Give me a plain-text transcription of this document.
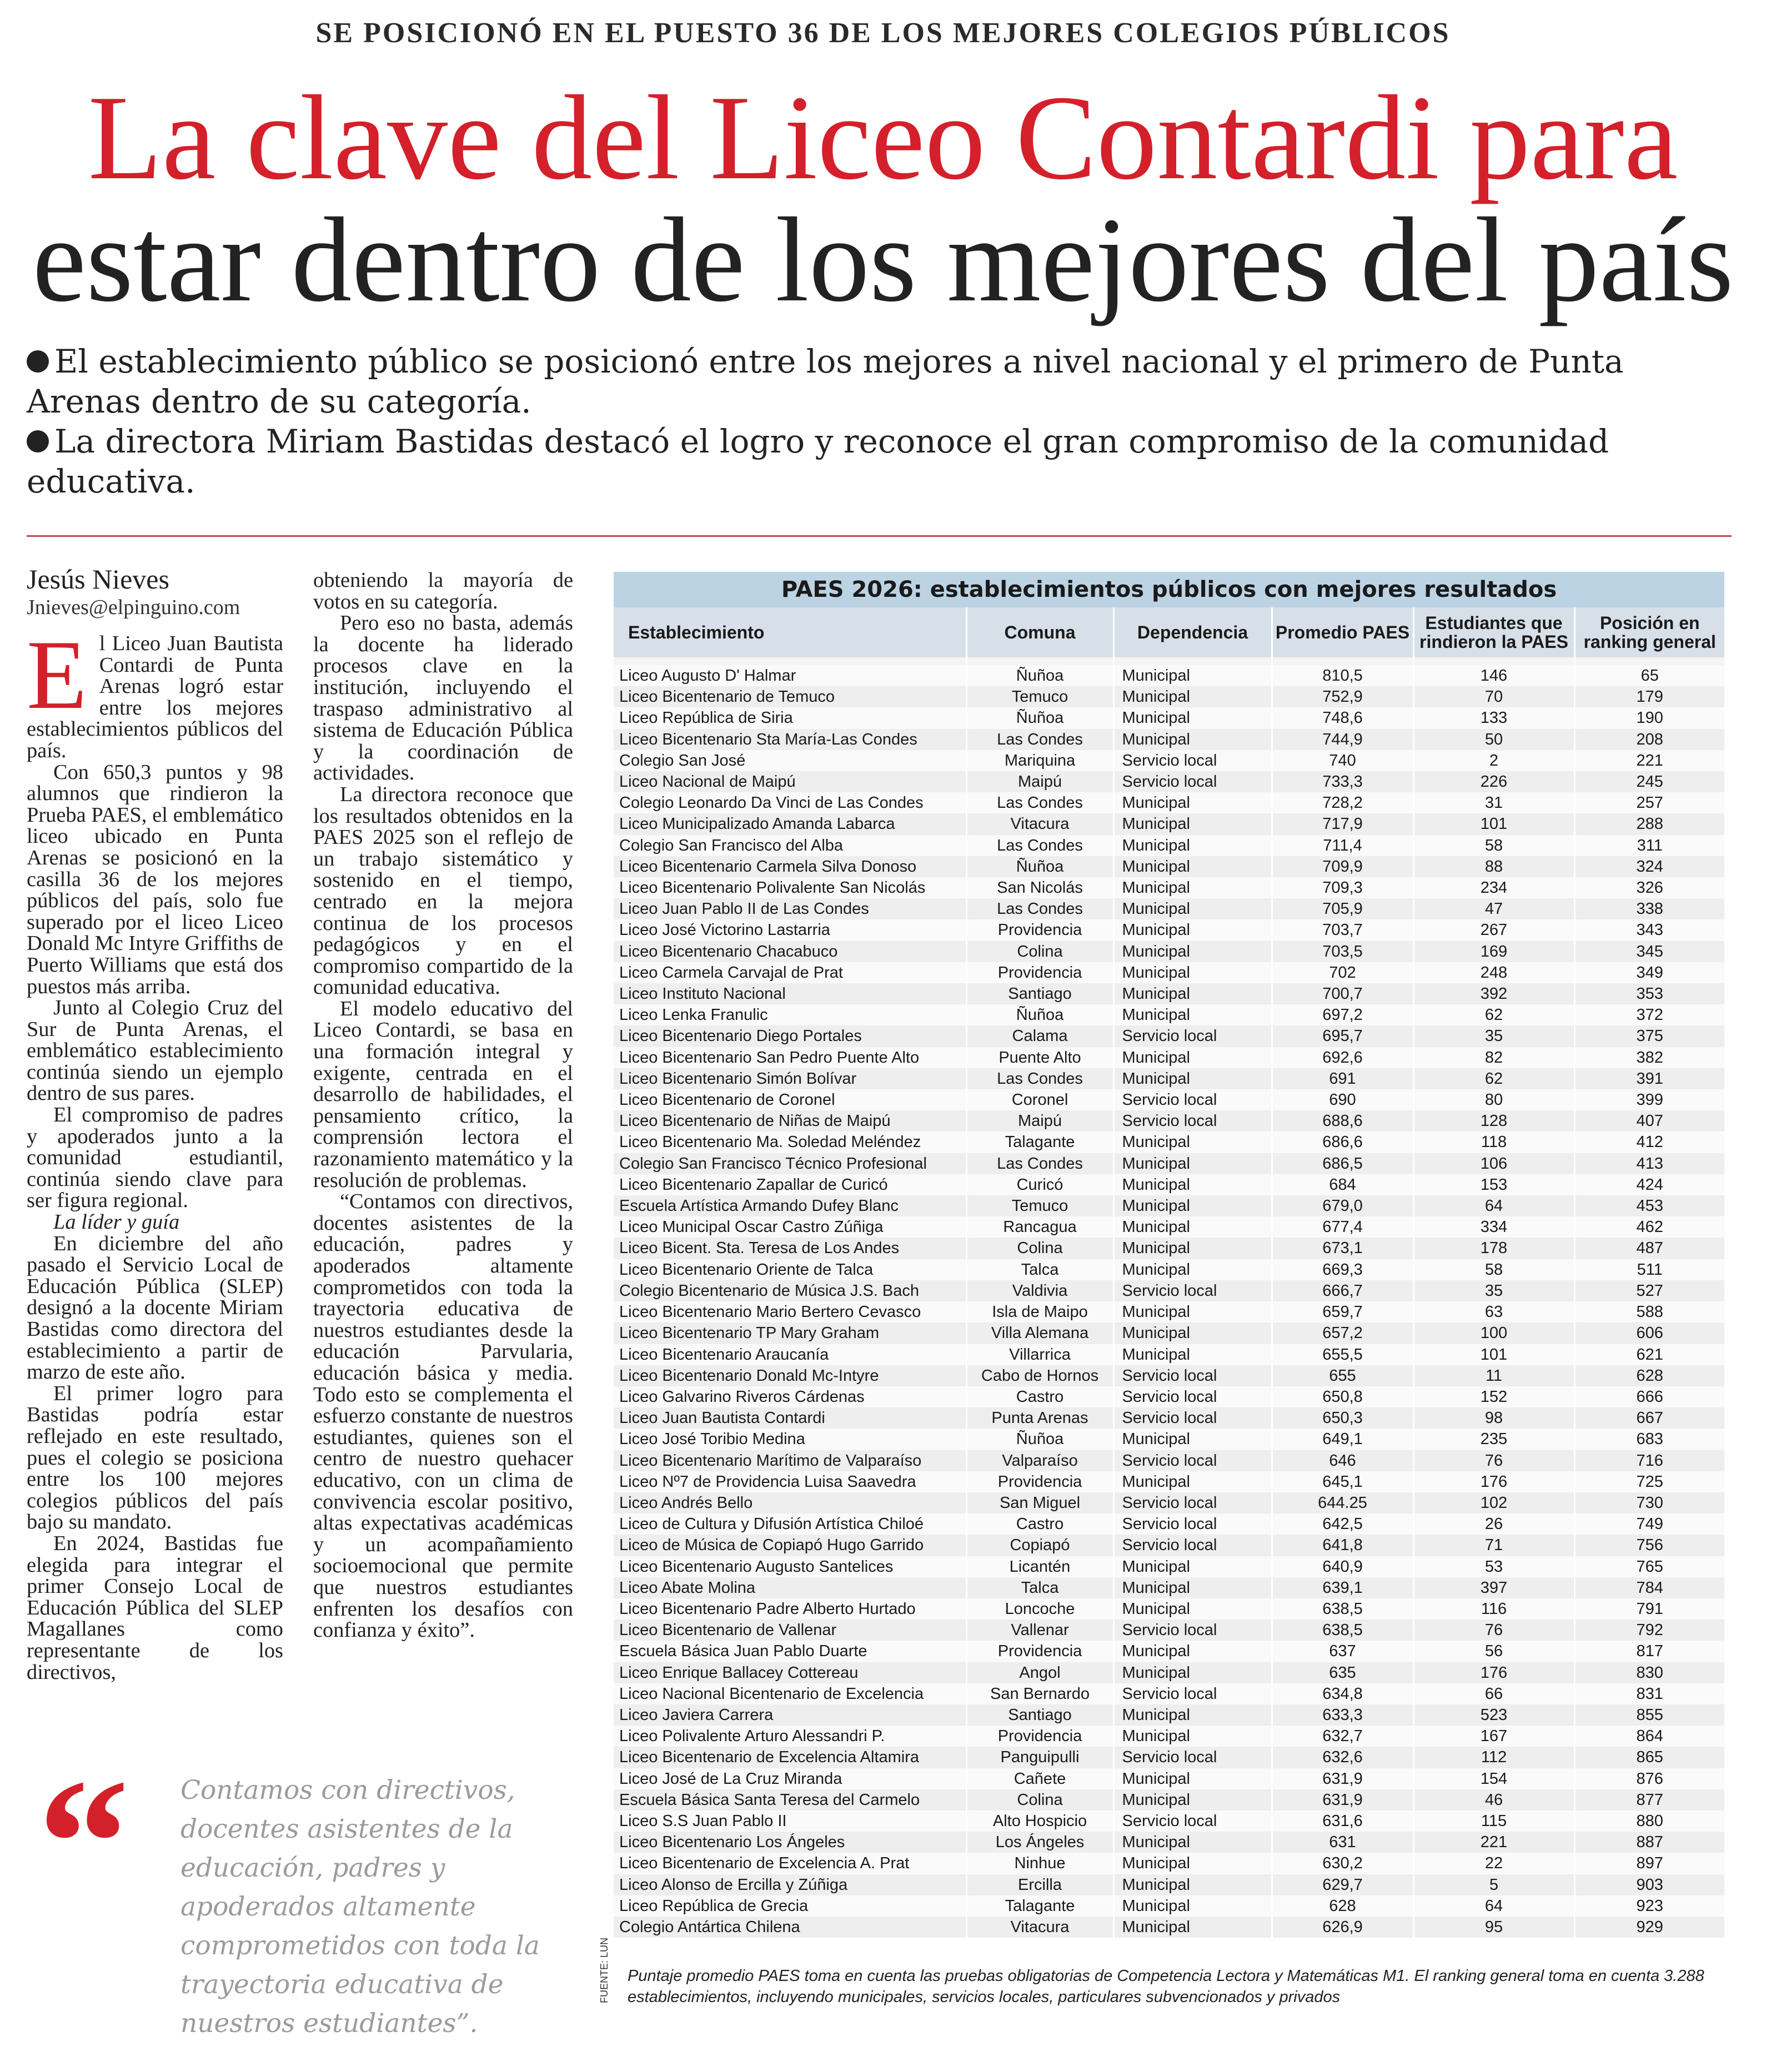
SE POSICIONÓ EN EL PUESTO 36 DE LOS MEJORES COLEGIOS PÚBLICOS
La clave del Liceo Contardi para
estar dentro de los mejores del país

El establecimiento público se posicionó entre los mejores a nivel nacional y el primero de Punta Arenas dentro de su categoría.

La directora Miriam Bastidas destacó el logro y reconoce el gran compromiso de la comunidad educativa.

Jesús Nieves
Jnieves@elpinguino.com

El Liceo Juan Bautista Contardi de Punta Arenas logró estar entre los mejores establecimientos públicos del país.

Con 650,3 puntos y 98 alumnos que rindieron la Prueba PAES, el emblemático liceo ubicado en Punta Arenas se posicionó en la casilla 36 de los mejores públicos del país, solo fue superado por el liceo Liceo Donald Mc Intyre Griffiths de Puerto Williams que está dos puestos más arriba.

Junto al Colegio Cruz del Sur de Punta Arenas, el emblemático establecimiento continúa siendo un ejemplo dentro de sus pares.

El compromiso de padres y apoderados junto a la comunidad estudiantil, continúa siendo clave para ser figura regional.

La líder y guía

En diciembre del año pasado el Servicio Local de Educación Pública (SLEP) designó a la docente Miriam Bastidas como directora del establecimiento a partir de marzo de este año.

El primer logro para Bastidas podría estar reflejado en este resultado, pues el colegio se posiciona entre los 100 mejores colegios públicos del país bajo su mandato.

En 2024, Bastidas fue elegida para integrar el primer Consejo Local de Educación Pública del SLEP Magallanes como representante de los directivos,

obteniendo la mayoría de votos en su categoría.

Pero eso no basta, además la docente ha liderado procesos clave en la institución, incluyendo el traspaso administrativo al sistema de Educación Pública y la coordinación de actividades.

La directora reconoce que los resultados obtenidos en la PAES 2025 son el reflejo de un trabajo sistemático y sostenido en el tiempo, centrado en la mejora continua de los procesos pedagógicos y en el compromiso compartido de la comunidad educativa.

El modelo educativo del Liceo Contardi, se basa en una formación integral y exigente, centrada en el desarrollo de habilidades, el pensamiento crítico, la comprensión lectora el razonamiento matemático y la resolución de problemas.

“Contamos con directivos, docentes asistentes de la educación, padres y apoderados altamente comprometidos con toda la trayectoria educativa de nuestros estudiantes desde la educación Parvularia, educación básica y media. Todo esto se complementa el esfuerzo constante de nuestros estudiantes, quienes son el centro de nuestro quehacer educativo, con un clima de convivencia escolar positivo, altas expectativas académicas y un acompañamiento socioemocional que permite que nuestros estudiantes enfrenten los desafíos con confianza y éxito”.

“ Contamos con directivos, docentes asistentes de la educación, padres y apoderados altamente comprometidos con toda la trayectoria educativa de nuestros estudiantes”.
PAES 2026: establecimientos públicos con mejores resultados
Establecimiento	Comuna	Dependencia	Promedio PAES	Estudiantes que rindieron la PAES	Posición en ranking general

Liceo Augusto D' Halmar	Ñuñoa	Municipal	810,5	146	65
Liceo Bicentenario de Temuco	Temuco	Municipal	752,9	70	179
Liceo República de Siria	Ñuñoa	Municipal	748,6	133	190
Liceo Bicentenario Sta María-Las Condes	Las Condes	Municipal	744,9	50	208
Colegio San José	Mariquina	Servicio local	740	2	221
Liceo Nacional de Maipú	Maipú	Servicio local	733,3	226	245
Colegio Leonardo Da Vinci de Las Condes	Las Condes	Municipal	728,2	31	257
Liceo Municipalizado Amanda Labarca	Vitacura	Municipal	717,9	101	288
Colegio San Francisco del Alba	Las Condes	Municipal	711,4	58	311
Liceo Bicentenario Carmela Silva Donoso	Ñuñoa	Municipal	709,9	88	324
Liceo Bicentenario Polivalente San Nicolás	San Nicolás	Municipal	709,3	234	326
Liceo Juan Pablo II de Las Condes	Las Condes	Municipal	705,9	47	338
Liceo José Victorino Lastarria	Providencia	Municipal	703,7	267	343
Liceo Bicentenario Chacabuco	Colina	Municipal	703,5	169	345
Liceo Carmela Carvajal de Prat	Providencia	Municipal	702	248	349
Liceo Instituto Nacional	Santiago	Municipal	700,7	392	353
Liceo Lenka Franulic	Ñuñoa	Municipal	697,2	62	372
Liceo Bicentenario Diego Portales	Calama	Servicio local	695,7	35	375
Liceo Bicentenario San Pedro Puente Alto	Puente Alto	Municipal	692,6	82	382
Liceo Bicentenario Simón Bolívar	Las Condes	Municipal	691	62	391
Liceo Bicentenario de Coronel	Coronel	Servicio local	690	80	399
Liceo Bicentenario de Niñas de Maipú	Maipú	Servicio local	688,6	128	407
Liceo Bicentenario Ma. Soledad Meléndez	Talagante	Municipal	686,6	118	412
Colegio San Francisco Técnico Profesional	Las Condes	Municipal	686,5	106	413
Liceo Bicentenario Zapallar de Curicó	Curicó	Municipal	684	153	424
Escuela Artística Armando Dufey Blanc	Temuco	Municipal	679,0	64	453
Liceo Municipal Oscar Castro Zúñiga	Rancagua	Municipal	677,4	334	462
Liceo Bicent. Sta. Teresa de Los Andes	Colina	Municipal	673,1	178	487
Liceo Bicentenario Oriente de Talca	Talca	Municipal	669,3	58	511
Colegio Bicentenario de Música J.S. Bach	Valdivia	Servicio local	666,7	35	527
Liceo Bicentenario Mario Bertero Cevasco	Isla de Maipo	Municipal	659,7	63	588
Liceo Bicentenario TP Mary Graham	Villa Alemana	Municipal	657,2	100	606
Liceo Bicentenario Araucanía	Villarrica	Municipal	655,5	101	621
Liceo Bicentenario Donald Mc-Intyre	Cabo de Hornos	Servicio local	655	11	628
Liceo Galvarino Riveros Cárdenas	Castro	Servicio local	650,8	152	666
Liceo Juan Bautista Contardi	Punta Arenas	Servicio local	650,3	98	667
Liceo José Toribio Medina	Ñuñoa	Municipal	649,1	235	683
Liceo Bicentenario Marítimo de Valparaíso	Valparaíso	Servicio local	646	76	716
Liceo Nº7 de Providencia Luisa Saavedra	Providencia	Municipal	645,1	176	725
Liceo Andrés Bello	San Miguel	Servicio local	644.25	102	730
Liceo de Cultura y Difusión Artística Chiloé	Castro	Servicio local	642,5	26	749
Liceo de Música de Copiapó Hugo Garrido	Copiapó	Servicio local	641,8	71	756
Liceo Bicentenario Augusto Santelices	Licantén	Municipal	640,9	53	765
Liceo Abate Molina	Talca	Municipal	639,1	397	784
Liceo Bicentenario Padre Alberto Hurtado	Loncoche	Municipal	638,5	116	791
Liceo Bicentenario de Vallenar	Vallenar	Servicio local	638,5	76	792
Escuela Básica Juan Pablo Duarte	Providencia	Municipal	637	56	817
Liceo Enrique Ballacey Cottereau	Angol	Municipal	635	176	830
Liceo Nacional Bicentenario de Excelencia	San Bernardo	Servicio local	634,8	66	831
Liceo Javiera Carrera	Santiago	Municipal	633,3	523	855
Liceo Polivalente Arturo Alessandri P.	Providencia	Municipal	632,7	167	864
Liceo Bicentenario de Excelencia Altamira	Panguipulli	Servicio local	632,6	112	865
Liceo José de La Cruz Miranda	Cañete	Municipal	631,9	154	876
Escuela Básica Santa Teresa del Carmelo	Colina	Municipal	631,9	46	877
Liceo S.S Juan Pablo II	Alto Hospicio	Servicio local	631,6	115	880
Liceo Bicentenario Los Ángeles	Los Ángeles	Municipal	631	221	887
Liceo Bicentenario de Excelencia A. Prat	Ninhue	Municipal	630,2	22	897
Liceo Alonso de Ercilla y Zúñiga	Ercilla	Municipal	629,7	5	903
Liceo República de Grecia	Talagante	Municipal	628	64	923
Colegio Antártica Chilena	Vitacura	Municipal	626,9	95	929
Puntaje promedio PAES toma en cuenta las pruebas obligatorias de Competencia Lectora y Matemáticas M1. El ranking general toma en cuenta 3.288 establecimientos, incluyendo municipales, servicios locales, particulares subvencionados y privados
FUENTE: LUN
